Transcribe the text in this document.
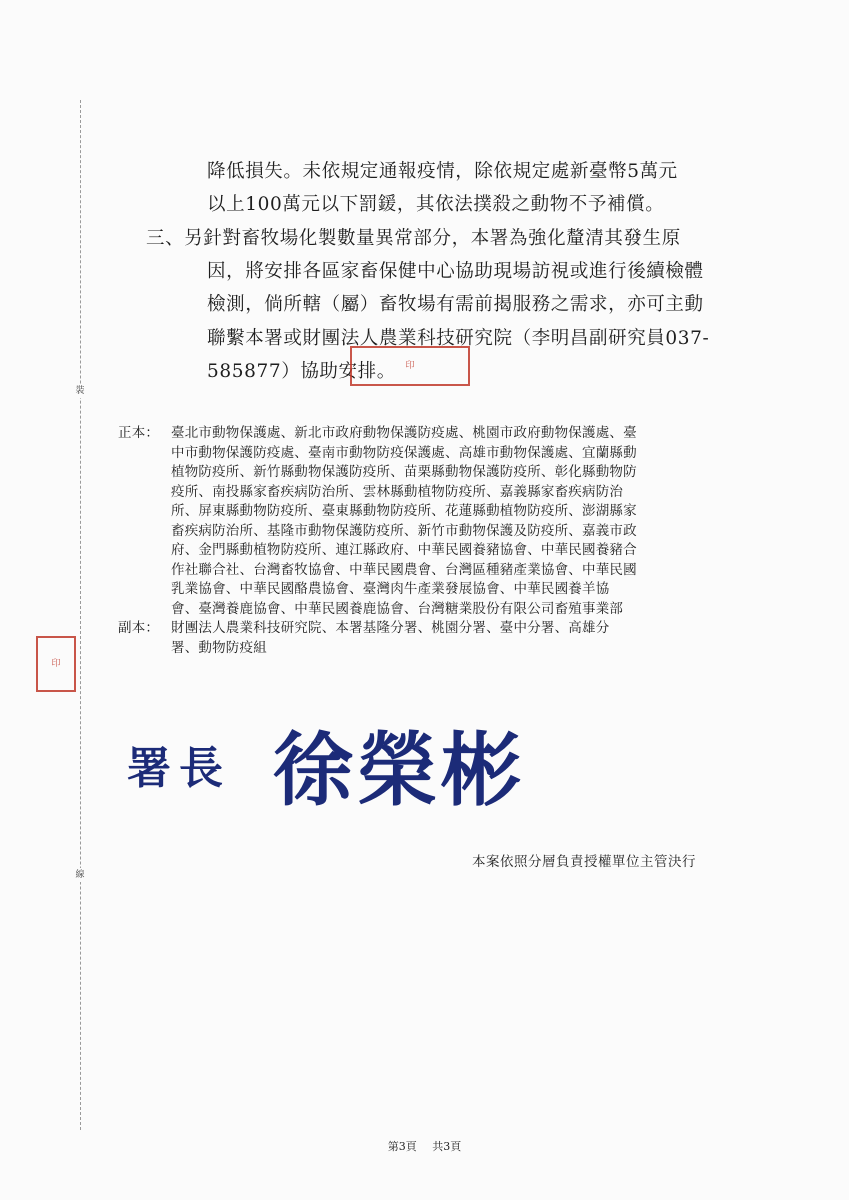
裝
線
降低損失。未依規定通報疫情，除依規定處新臺幣5萬元
以上100萬元以下罰鍰，其依法撲殺之動物不予補償。
三、另針對畜牧場化製數量異常部分，本署為強化釐清其發生原
因，將安排各區家畜保健中心協助現場訪視或進行後續檢體
檢測，倘所轄（屬）畜牧場有需前揭服務之需求，亦可主動
聯繫本署或財團法人農業科技研究院（李明昌副研究員037-
585877）協助安排。	印
印
正本： 臺北市動物保護處、新北市政府動物保護防疫處、桃園市政府動物保護處、臺
中市動物保護防疫處、臺南市動物防疫保護處、高雄市動物保護處、宜蘭縣動
植物防疫所、新竹縣動物保護防疫所、苗栗縣動物保護防疫所、彰化縣動物防
疫所、南投縣家畜疾病防治所、雲林縣動植物防疫所、嘉義縣家畜疾病防治
所、屏東縣動物防疫所、臺東縣動物防疫所、花蓮縣動植物防疫所、澎湖縣家
畜疾病防治所、基隆市動物保護防疫所、新竹市動物保護及防疫所、嘉義市政
府、金門縣動植物防疫所、連江縣政府、中華民國養豬協會、中華民國養豬合
作社聯合社、台灣畜牧協會、中華民國農會、台灣區種豬產業協會、中華民國
乳業協會、中華民國酪農協會、臺灣肉牛產業發展協會、中華民國養羊協
會、臺灣養鹿協會、中華民國養鹿協會、台灣糖業股份有限公司畜殖事業部
副本： 財團法人農業科技研究院、本署基隆分署、桃園分署、臺中分署、高雄分
署、動物防疫組
署長 徐榮彬
本案依照分層負責授權單位主管決行
第3頁 共3頁
